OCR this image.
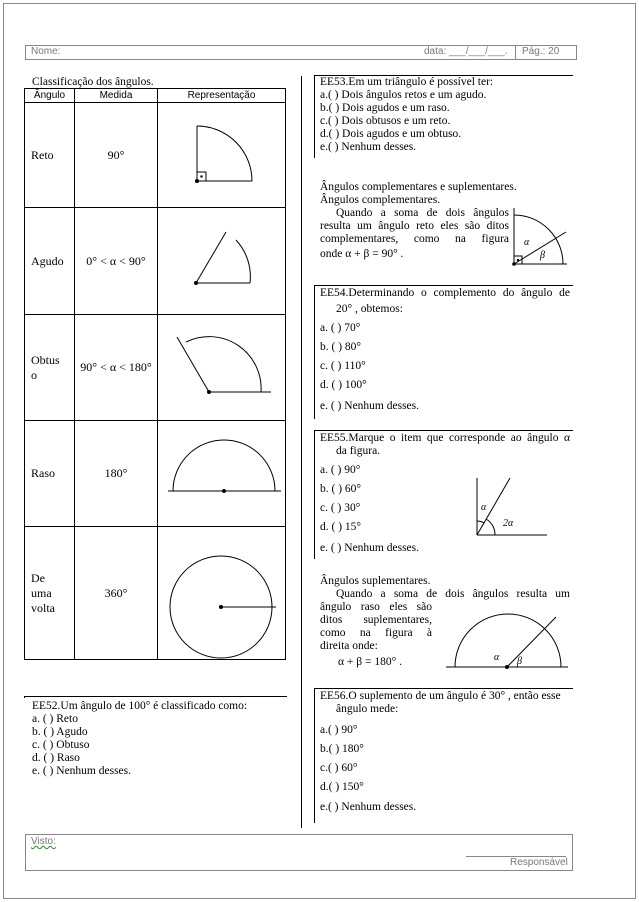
Nome:	data: ___/___/___. Pág.: 20
Classificação dos ângulos.
Ângulo	Medida	Representação
Reto	90°	
Agudo	0° < α < 90°	

Obtus
o	90° < α < 180°	
Raso	180°	

De
uma
volta	360°	
EE52.Um ângulo de 100° é classificado como:
a. ( ) Reto
b. ( ) Agudo
c. ( ) Obtuso
d. ( ) Raso
e. ( ) Nenhum desses.
EE53.Em um triângulo é possível ter:
a.( ) Dois ângulos retos e um agudo.
b.( ) Dois agudos e um raso.
c.( ) Dois obtusos e um reto.
d.( ) Dois agudos e um obtuso.
e.( ) Nenhum desses.
Ângulos complementares e suplementares.
Ângulos complementares.
Quando a soma de dois ângulos
resulta um ângulo reto eles são ditos
complementares, como na figura
onde α + β = 90° .
α
β
EE54.Determinando o complemento do ângulo de
20° , obtemos:
a. ( ) 70°
b. ( ) 80°
c. ( ) 110°
d. ( ) 100°
e. ( ) Nenhum desses.
EE55.Marque o item que corresponde ao ângulo α
da figura.
a. ( ) 90°
b. ( ) 60°
c. ( ) 30°
d. ( ) 15°
e. ( ) Nenhum desses.
α
2α
Ângulos suplementares.
Quando a soma de dois ângulos resulta um
ângulo raso eles são
ditos suplementares,
como na figura à
direita onde:
α + β = 180° .	α β
EE56.O suplemento de um ângulo é 30° , então esse
ângulo mede:
a.( ) 90°
b.( ) 180°
c.( ) 60°
d.( ) 150°
e.( ) Nenhum desses.
Visto:
Responsável
